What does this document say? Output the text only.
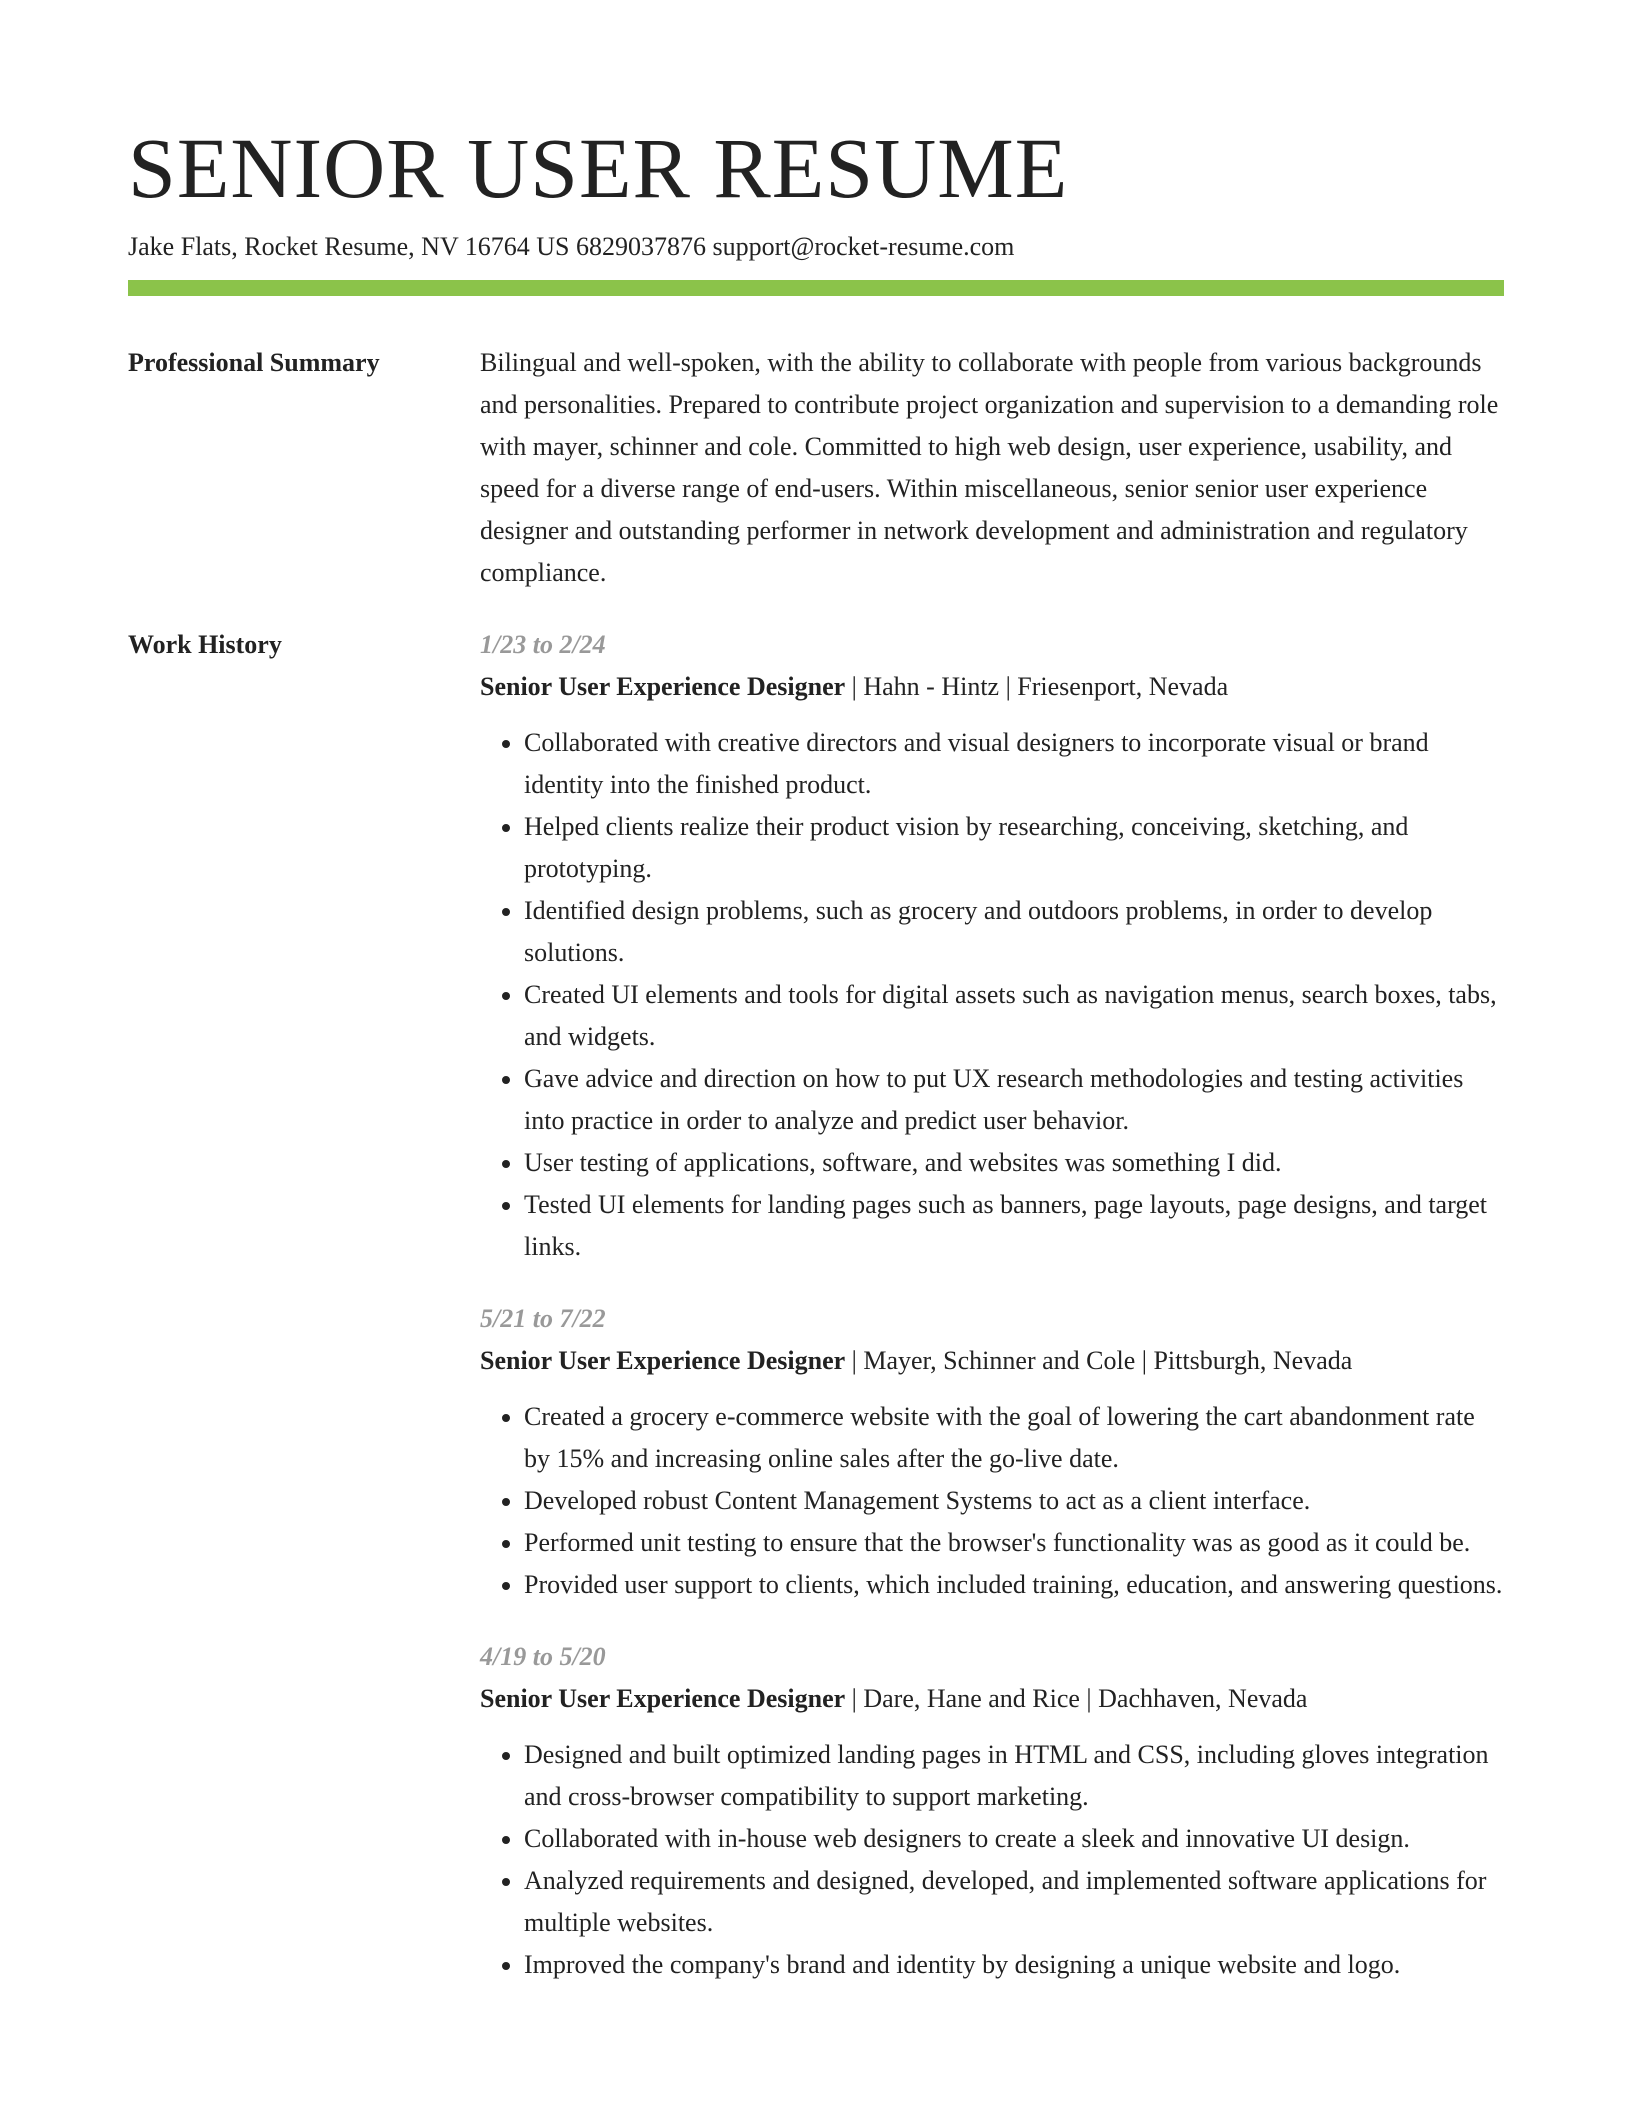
SENIOR USER RESUME
Jake Flats, Rocket Resume, NV 16764 US 6829037876 support@rocket-resume.com
Professional Summary	Bilingual and well-spoken, with the ability to collaborate with people from various backgrounds and personalities. Prepared to contribute project organization and supervision to a demanding role with mayer, schinner and cole. Committed to high web design, user experience, usability, and speed for a diverse range of end-users. Within miscellaneous, senior senior user experience designer and outstanding performer in network development and administration and regulatory compliance.

Work History	1/23 to 2/24
Senior User Experience Designer | Hahn - Hintz | Friesenport, Nevada
• Collaborated with creative directors and visual designers to incorporate visual or brand identity into the finished product.
• Helped clients realize their product vision by researching, conceiving, sketching, and prototyping.
• Identified design problems, such as grocery and outdoors problems, in order to develop solutions.
• Created UI elements and tools for digital assets such as navigation menus, search boxes, tabs, and widgets.
• Gave advice and direction on how to put UX research methodologies and testing activities into practice in order to analyze and predict user behavior.
• User testing of applications, software, and websites was something I did.
• Tested UI elements for landing pages such as banners, page layouts, page designs, and target links.
5/21 to 7/22
Senior User Experience Designer | Mayer, Schinner and Cole | Pittsburgh, Nevada
• Created a grocery e-commerce website with the goal of lowering the cart abandonment rate by 15% and increasing online sales after the go-live date.
• Developed robust Content Management Systems to act as a client interface.
• Performed unit testing to ensure that the browser's functionality was as good as it could be.
• Provided user support to clients, which included training, education, and answering questions.
4/19 to 5/20
Senior User Experience Designer | Dare, Hane and Rice | Dachhaven, Nevada
• Designed and built optimized landing pages in HTML and CSS, including gloves integration and cross-browser compatibility to support marketing.
• Collaborated with in-house web designers to create a sleek and innovative UI design.
• Analyzed requirements and designed, developed, and implemented software applications for multiple websites.
• Improved the company's brand and identity by designing a unique website and logo.
